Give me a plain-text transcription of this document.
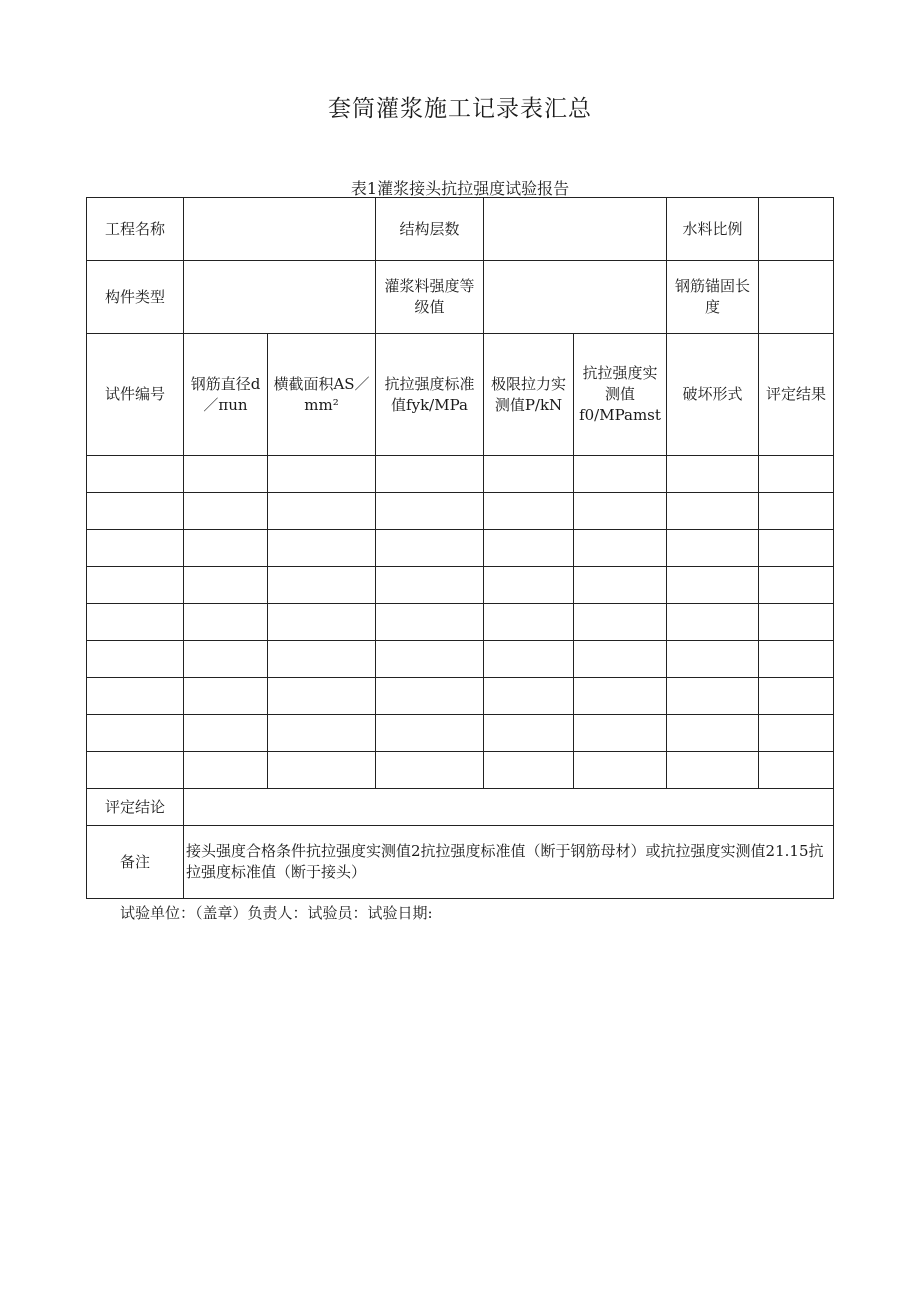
套筒灌浆施工记录表汇总
表1灌浆接头抗拉强度试验报告
工程名称			结构层数			水料比例	
构件类型			灌浆料强度等级值			钢筋锚固长度	
试件编号	钢筋直径d／πun	横截面积AS／mm²	抗拉强度标准值fyk/MPa	极限拉力实测值P/kN	抗拉强度实测值f0/MPamst	破坏形式	评定结果

评定结论							
备注	接头强度合格条件抗拉强度实测值2抗拉强度标准值（断于钢筋母材）或抗拉强度实测值21.15抗拉强度标准值（断于接头）						
试验单位：（盖章）负责人：试验员：试验日期:
